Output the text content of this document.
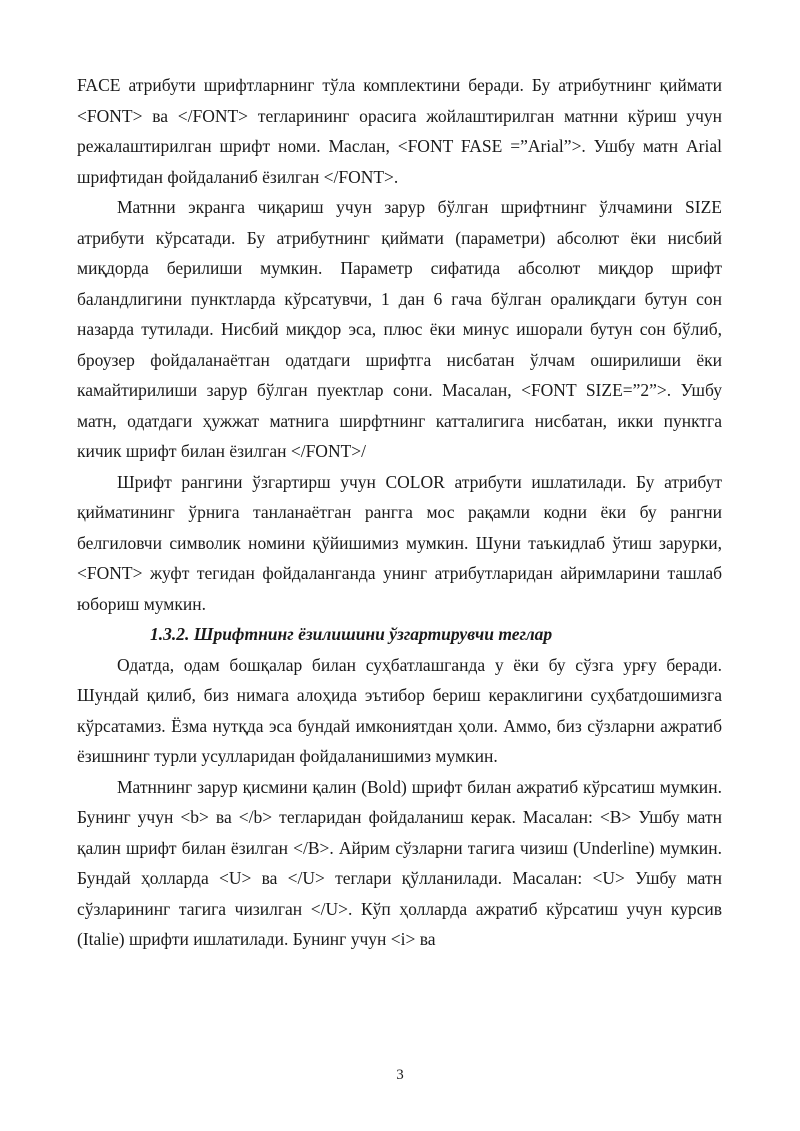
FACE атрибути шрифтларнинг тўла комплектини беради. Бу атрибутнинг қиймати <FONT> ва </FONT> тегларининг орасига жойлаштирилган матнни кўриш учун режалаштирилган шрифт номи. Маслан, <FONT FASE =”Arial”>. Ушбу матн Arial шрифтидан фойдаланиб ёзилган </FONT>.

Матнни экранга чиқариш учун зарур бўлган шрифтнинг ўлчамини SIZE атрибути кўрсатади. Бу атрибутнинг қиймати (параметри) абсолют ёки нисбий миқдорда берилиши мумкин. Параметр сифатида абсолют миқдор шрифт баландлигини пунктларда кўрсатувчи, 1 дан 6 гача бўлган оралиқдаги бутун сон назарда тутилади. Нисбий миқдор эса, плюс ёки минус ишорали бутун сон бўлиб, броузер фойдаланаётган одатдаги шрифтга нисбатан ўлчам оширилиши ёки камайтирилиши зарур бўлган пуектлар сони. Масалан, <FONT SIZE=”2”>. Ушбу матн, одатдаги ҳужжат матнига ширфтнинг катталигига нисбатан, икки пунктга кичик шрифт билан ёзилган </FONT>/

Шрифт рангини ўзгартирш учун COLOR атрибути ишлатилади. Бу атрибут қийматининг ўрнига танланаётган рангга мос рақамли кодни ёки бу рангни белгиловчи символик номини қўйишимиз мумкин. Шуни таъкидлаб ўтиш зарурки,<FONT> жуфт тегидан фойдаланганда унинг атрибутларидан айримларини ташлаб юбориш мумкин.

1.3.2. Шрифтнинг ёзилишини ўзгартирувчи теглар

Одатда, одам бошқалар билан суҳбатлашганда у ёки бу сўзга урғу беради. Шундай қилиб, биз нимага алоҳида эътибор бериш кераклигини суҳбатдошимизга кўрсатамиз. Ёзма нутқда эса бундай имкониятдан ҳоли. Аммо, биз сўзларни ажратиб ёзишнинг турли усулларидан фойдаланишимиз мумкин.

Матннинг зарур қисмини қалин (Bold) шрифт билан ажратиб кўрсатиш мумкин. Бунинг учун <b> ва </b> тегларидан фойдаланиш керак. Масалан: <B> Ушбу матн қалин шрифт билан ёзилган </B>. Айрим сўзларни тагига чизиш (Underline) мумкин. Бундай ҳолларда <U> ва </U> теглари қўлланилади. Масалан: <U> Ушбу матн сўзларининг тагига чизилган </U>. Кўп ҳолларда ажратиб кўрсатиш учун курсив (Italie) шрифти ишлатилади. Бунинг учун <i> ва

3
